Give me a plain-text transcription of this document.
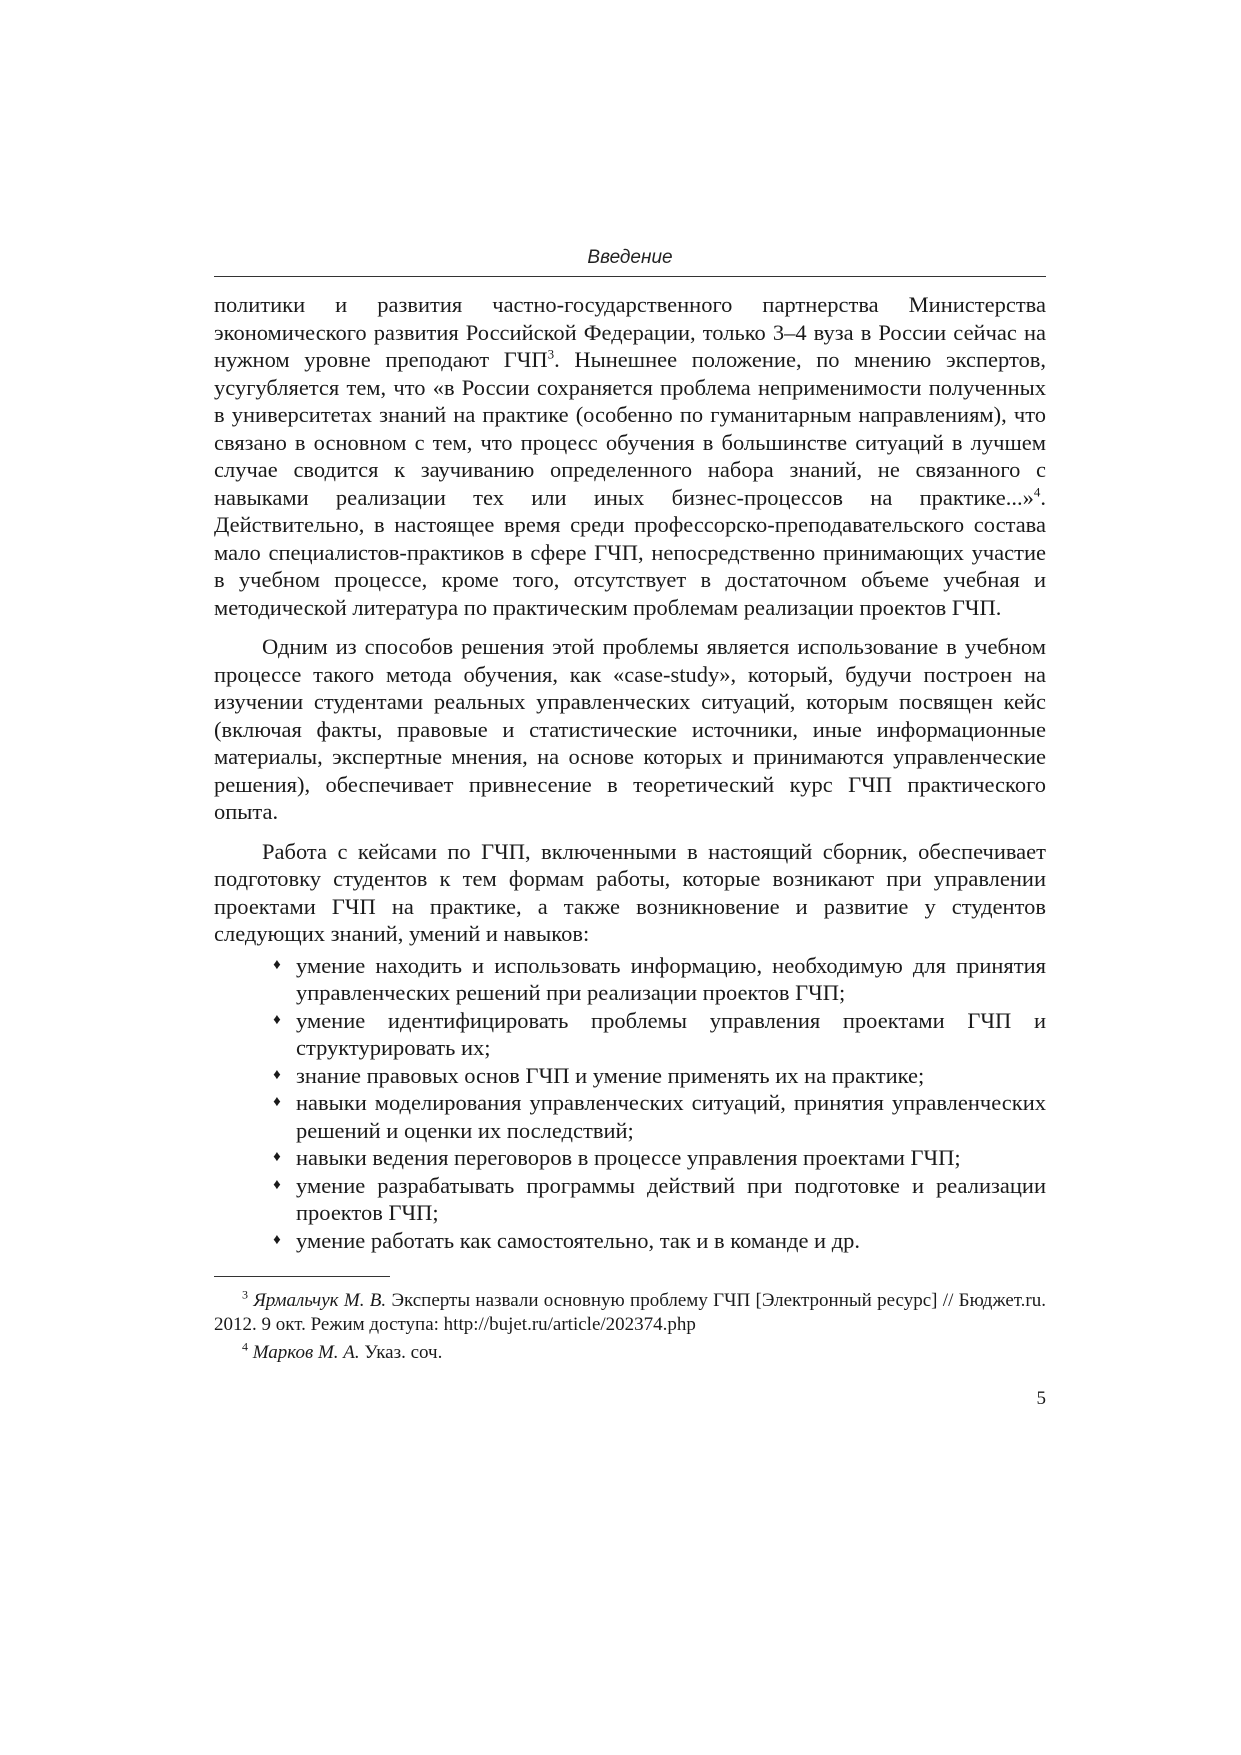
Введение

политики и развития частно-государственного партнерства Министерства экономического развития Российской Федерации, только 3–4 вуза в России сейчас на нужном уровне преподают ГЧП$^3$. Нынешнее положение, по мнению экспертов, усугубляется тем, что «в России сохраняется проблема неприменимости полученных в университетах знаний на практике (особенно по гуманитарным направлениям), что связано в основном с тем, что процесс обучения в большинстве ситуаций в лучшем случае сводится к заучиванию определенного набора знаний, не связанного с навыками реализации тех или иных бизнес-процессов на практике...»$^4$. Действительно, в настоящее время среди профессорско-преподавательского состава мало специалистов-практиков в сфере ГЧП, непосредственно принимающих участие в учебном процессе, кроме того, отсутствует в достаточном объеме учебная и методической литература по практическим проблемам реализации проектов ГЧП.

Одним из способов решения этой проблемы является использование в учебном процессе такого метода обучения, как «case-study», который, будучи построен на изучении студентами реальных управленческих ситуаций, которым посвящен кейс (включая факты, правовые и статистические источники, иные информационные материалы, экспертные мнения, на основе которых и принимаются управленческие решения), обеспечивает привнесение в теоретический курс ГЧП практического опыта.

Работа с кейсами по ГЧП, включенными в настоящий сборник, обеспечивает подготовку студентов к тем формам работы, которые возникают при управлении проектами ГЧП на практике, а также возникновение и развитие у студентов следующих знаний, умений и навыков:

♦ умение находить и использовать информацию, необходимую для принятия управленческих решений при реализации проектов ГЧП;
♦ умение идентифицировать проблемы управления проектами ГЧП и структурировать их;
♦ знание правовых основ ГЧП и умение применять их на практике;
♦ навыки моделирования управленческих ситуаций, принятия управленческих решений и оценки их последствий;
♦ навыки ведения переговоров в процессе управления проектами ГЧП;
♦ умение разрабатывать программы действий при подготовке и реализации проектов ГЧП;
♦ умение работать как самостоятельно, так и в команде и др.

$^3$ Ярмальчук М. В. Эксперты назвали основную проблему ГЧП [Электронный ресурс] // Бюджет.ru. 2012. 9 окт. Режим доступа: http://bujet.ru/article/202374.php

$^4$ Марков М. А. Указ. соч.

5
